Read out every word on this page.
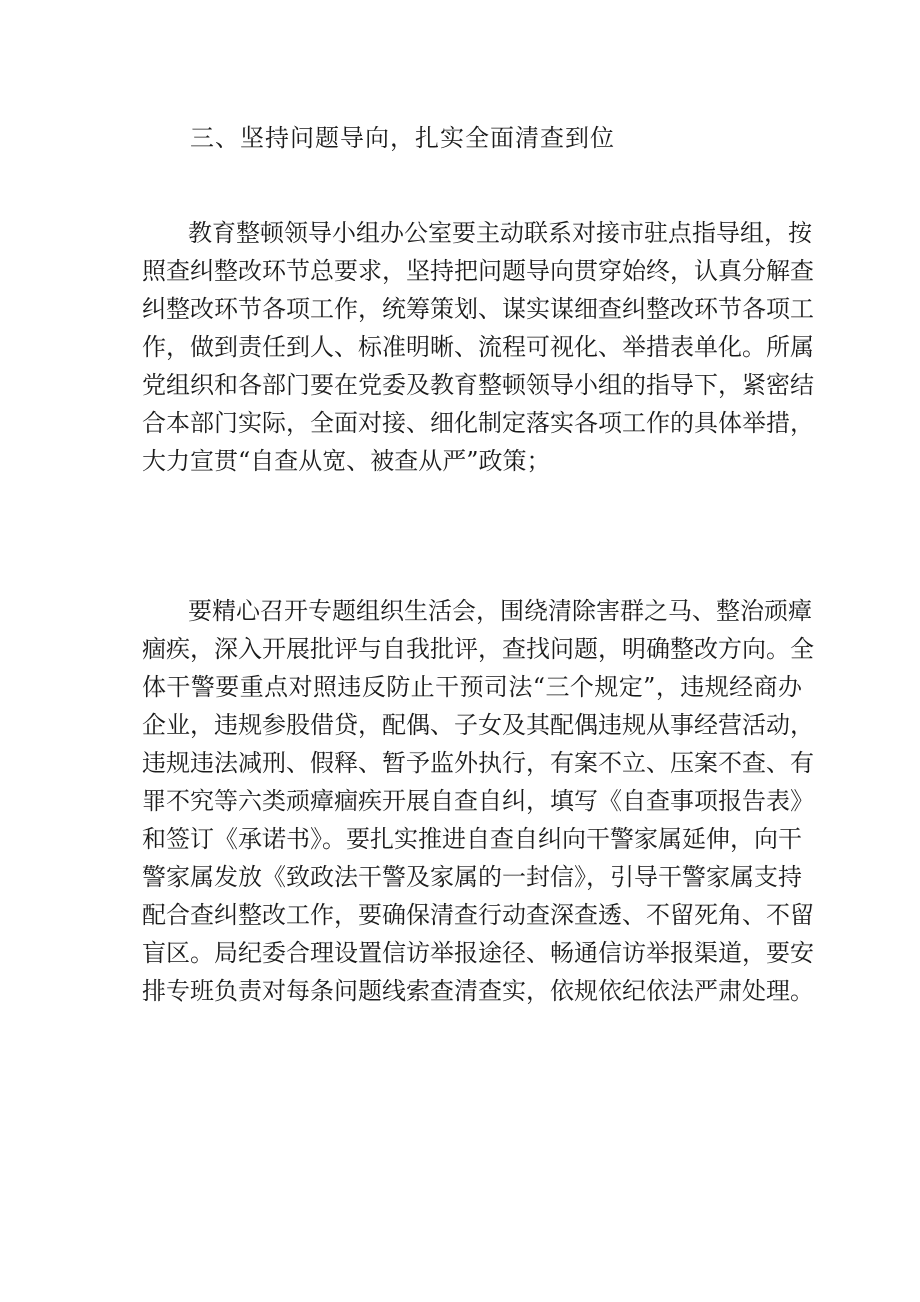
三、坚持问题导向，扎实全面清查到位
教育整顿领导小组办公室要主动联系对接市驻点指导组，按
照查纠整改环节总要求，坚持把问题导向贯穿始终，认真分解查
纠整改环节各项工作，统筹策划、谋实谋细查纠整改环节各项工
作，做到责任到人、标准明晰、流程可视化、举措表单化。所属
党组织和各部门要在党委及教育整顿领导小组的指导下，紧密结
合本部门实际，全面对接、细化制定落实各项工作的具体举措，
大力宣贯“自查从宽、被查从严”政策；
要精心召开专题组织生活会，围绕清除害群之马、整治顽瘴
痼疾，深入开展批评与自我批评，查找问题，明确整改方向。全
体干警要重点对照违反防止干预司法“三个规定”，违规经商办
企业，违规参股借贷，配偶、子女及其配偶违规从事经营活动，
违规违法减刑、假释、暂予监外执行，有案不立、压案不查、有
罪不究等六类顽瘴痼疾开展自查自纠，填写《自查事项报告表》
和签订《承诺书》。要扎实推进自查自纠向干警家属延伸，向干
警家属发放《致政法干警及家属的一封信》，引导干警家属支持
配合查纠整改工作，要确保清查行动查深查透、不留死角、不留
盲区。局纪委合理设置信访举报途径、畅通信访举报渠道，要安
排专班负责对每条问题线索查清查实，依规依纪依法严肃处理。
